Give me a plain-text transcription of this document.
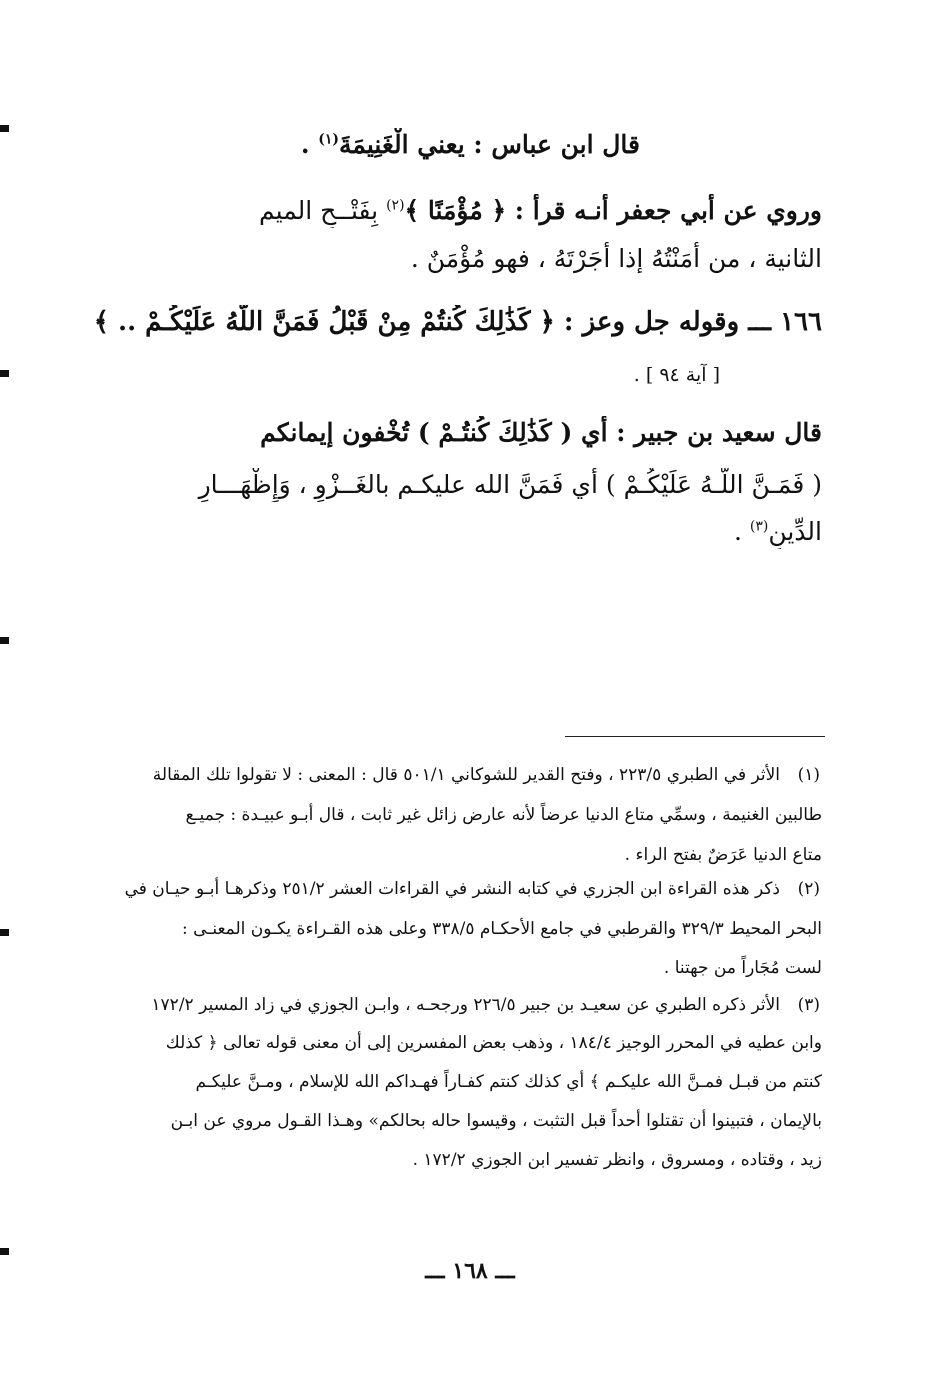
قال ابن عباس : يعني الْغَنِيمَةَ$^{(١)}$ .
وروي عن أبي جعفر أنـه قرأ : ﴿ مُؤْمَنًا ﴾$^{(٢)}$ بِفَتْــحِ الميم
الثانية ، من أَمَنْتُهُ إذا أَجَرْتَهُ ، فهو مُؤْمَنٌ .
١٦٦ ـــ وقوله جل وعز : ﴿ كَذَٰلِكَ كُنتُمْ مِنْ قَبْلُ فَمَنَّ اللَّهُ عَلَيْكُـمْ .. ﴾
[ آية ٩٤ ] .
قال سعيد بن جبير : أي ( كَذَٰلِكَ كُنتُـمْ ) تُخْفون إيمانكم
( فَمَـنَّ اللَّـهُ عَلَيْكُـمْ ) أي فَمَنَّ الله عليكـم بالغَــزْوِ ، وَإِظْهَـــارِ
الدِّينِ$^{(٣)}$ .
(١)
الأثر في الطبري ٢٢٣/٥ ، وفتح القدير للشوكاني ٥٠١/١ قال : المعنى : لا تقولوا تلك المقالة
طالبين الغنيمة ، وسمِّي متاع الدنيا عرضاً لأنه عارض زائل غير ثابت ، قال أبـو عبيـدة : جميـع
متاع الدنيا عَرَضٌ بفتح الراء .
(٢)
ذكر هذه القراءة ابن الجزري في كتابه النشر في القراءات العشر ٢٥١/٢ وذكرهـا أبـو حيـان في
البحر المحيط ٣٢٩/٣ والقرطبي في جامع الأحكـام ٣٣٨/٥ وعلى هذه القـراءة يكـون المعنـى :
لست مُجَاراً من جهتنا .
(٣)
الأثر ذكره الطبري عن سعيـد بن جبير ٢٢٦/٥ ورجحـه ، وابـن الجوزي في زاد المسير ١٧٢/٢
وابن عطيه في المحرر الوجيز ١٨٤/٤ ، وذهب بعض المفسرين إلى أن معنى قوله تعالى ﴿ كذلك
كنتم من قبـل فمـنَّ الله عليكـم ﴾ أي كذلك كنتم كفـاراً فهـداكم الله للإسلام ، ومـنَّ عليكـم
بالإيمان ، فتبينوا أن تقتلوا أحداً قبل التثبت ، وقيسوا حاله بحالكم» وهـذا القـول مروي عن ابـن
زيد ، وقتاده ، ومسروق ، وانظر تفسير ابن الجوزي ١٧٢/٢ .
ـــ ١٦٨ ـــ
